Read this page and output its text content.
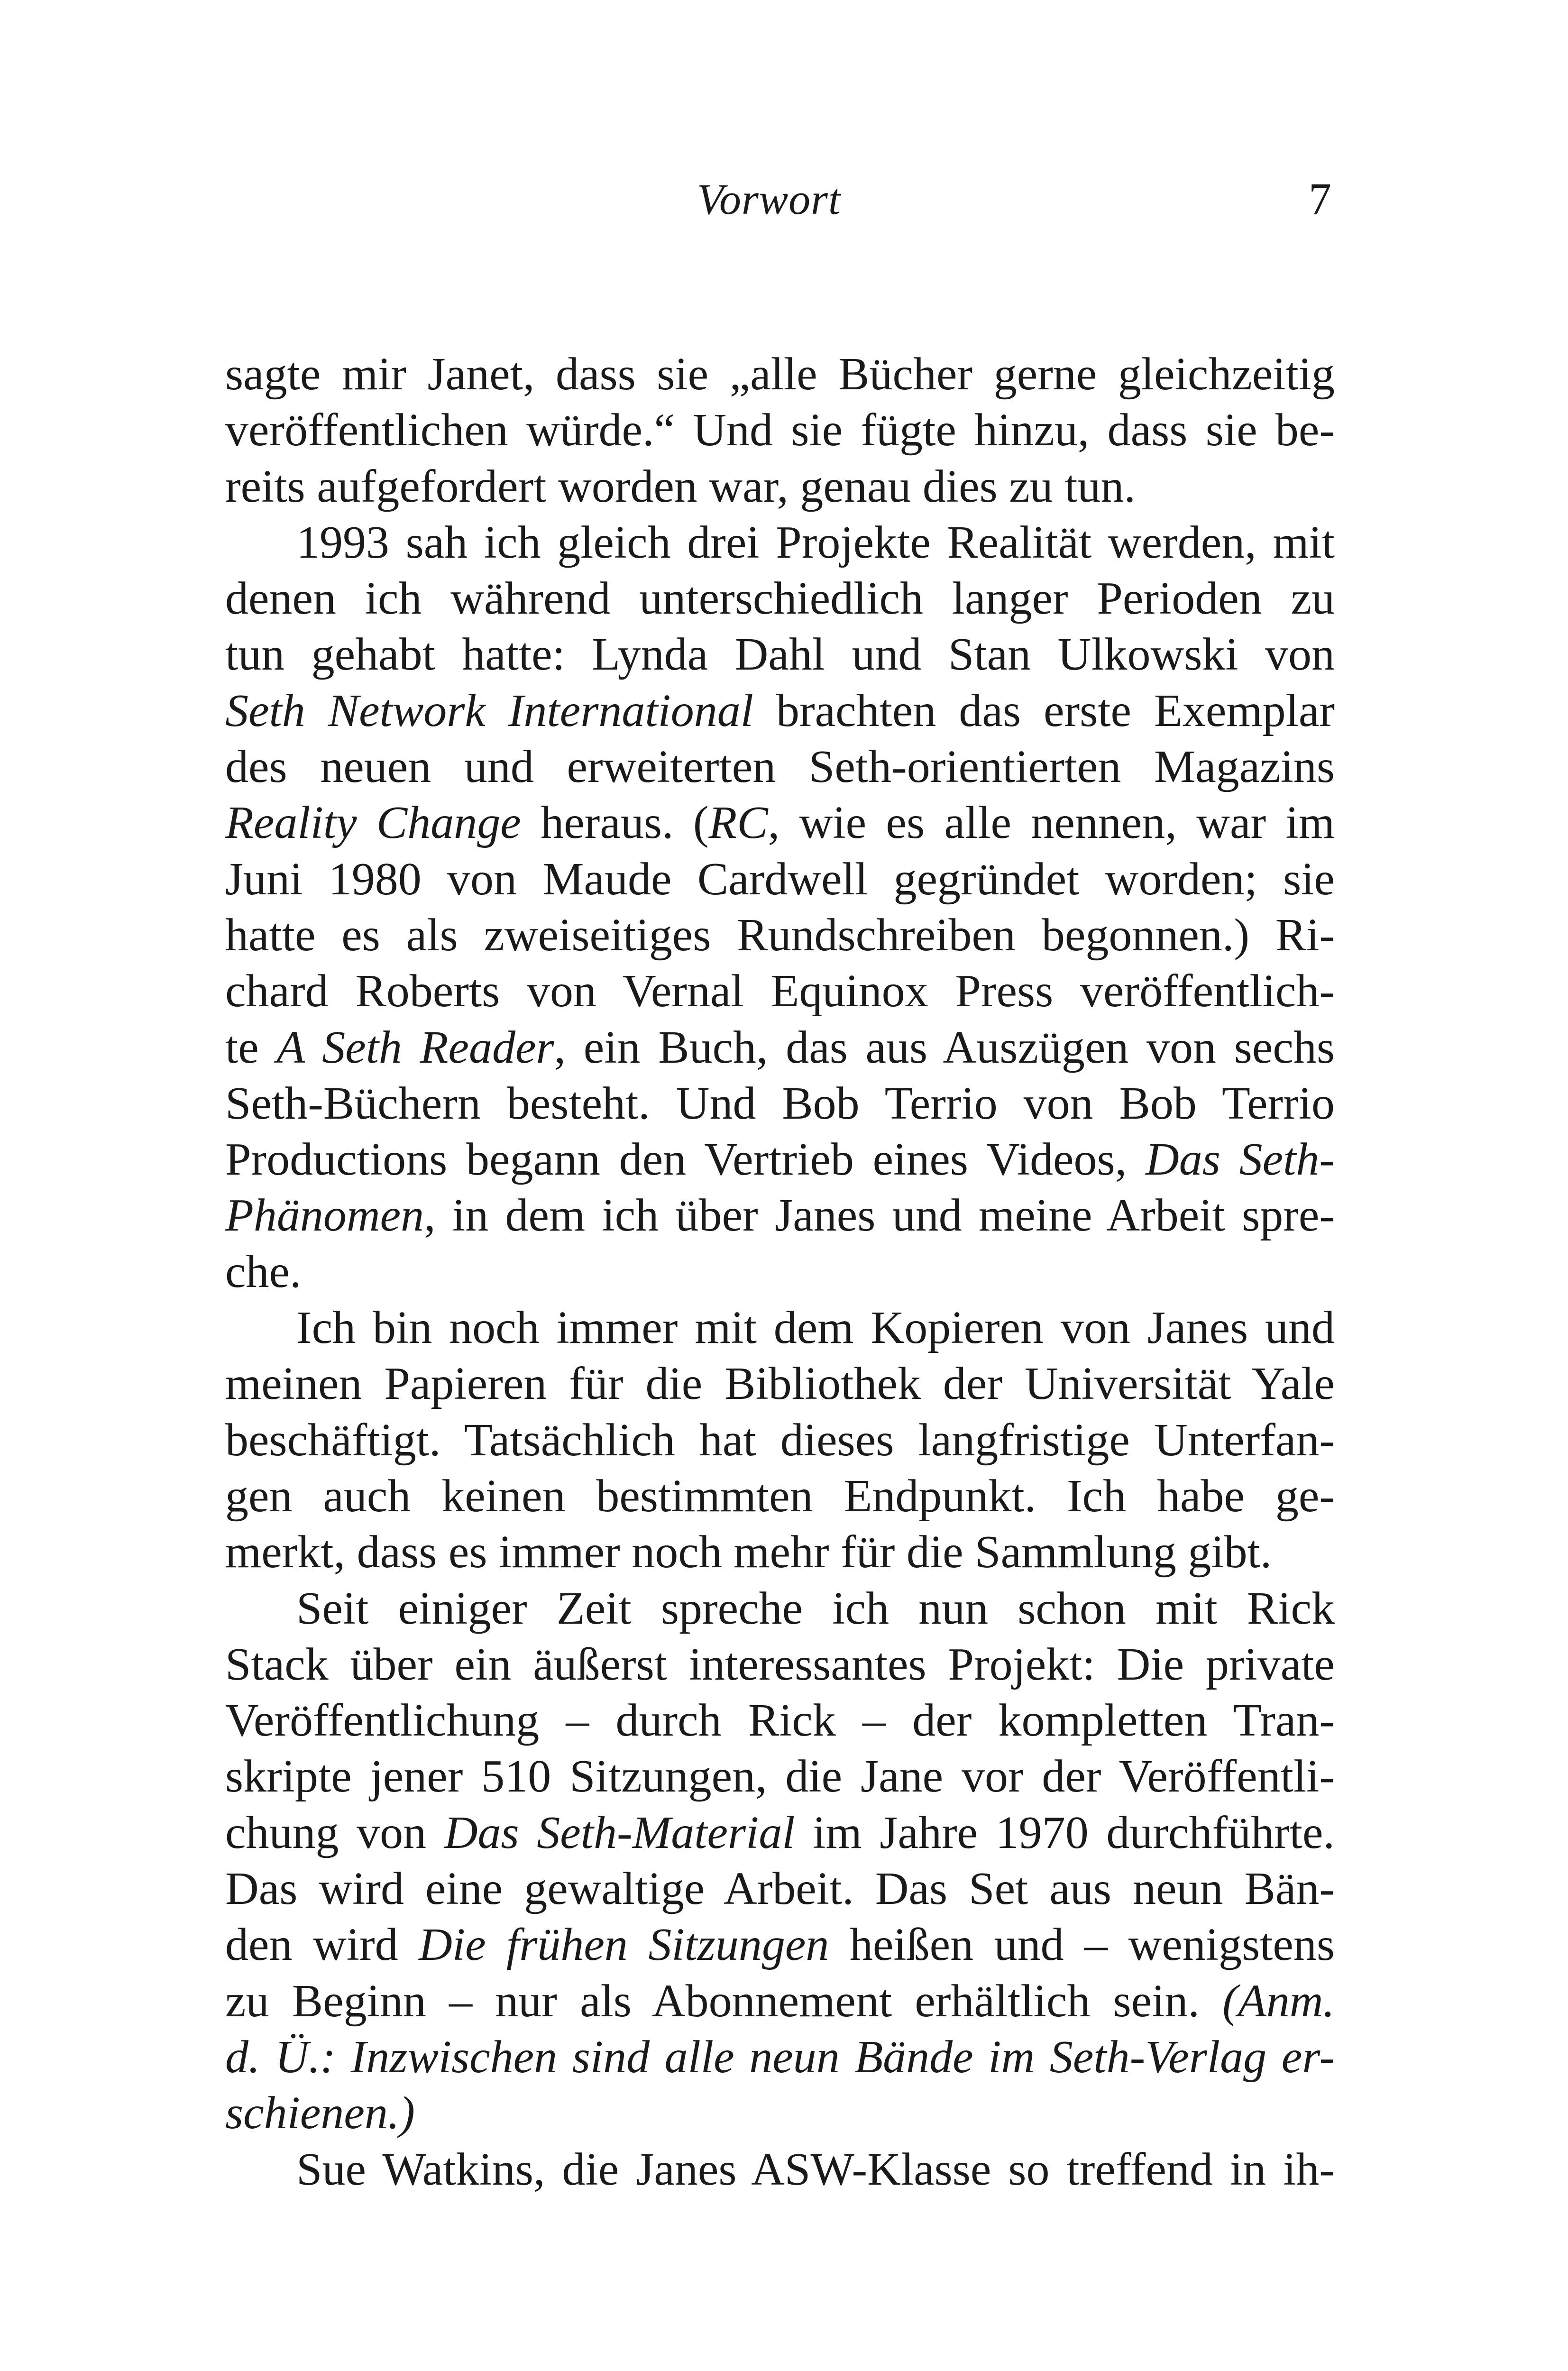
Vorwort	7
sagte mir Janet, dass sie „alle Bücher gerne gleichzeitig
veröffentlichen würde.“ Und sie fügte hinzu, dass sie be-
reits aufgefordert worden war, genau dies zu tun.
1993 sah ich gleich drei Projekte Realität werden, mit
denen ich während unterschiedlich langer Perioden zu
tun gehabt hatte: Lynda Dahl und Stan Ulkowski von
Seth Network International brachten das erste Exemplar
des neuen und erweiterten Seth-orientierten Magazins
Reality Change heraus. (RC, wie es alle nennen, war im
Juni 1980 von Maude Cardwell gegründet worden; sie
hatte es als zweiseitiges Rundschreiben begonnen.) Ri-
chard Roberts von Vernal Equinox Press veröffentlich-
te A Seth Reader, ein Buch, das aus Auszügen von sechs
Seth-Büchern besteht. Und Bob Terrio von Bob Terrio
Productions begann den Vertrieb eines Videos, Das Seth-
Phänomen, in dem ich über Janes und meine Arbeit spre-
che.
Ich bin noch immer mit dem Kopieren von Janes und
meinen Papieren für die Bibliothek der Universität Yale
beschäftigt. Tatsächlich hat dieses langfristige Unterfan-
gen auch keinen bestimmten Endpunkt. Ich habe ge-
merkt, dass es immer noch mehr für die Sammlung gibt.
Seit einiger Zeit spreche ich nun schon mit Rick
Stack über ein äußerst interessantes Projekt: Die private
Veröffentlichung – durch Rick – der kompletten Tran-
skripte jener 510 Sitzungen, die Jane vor der Veröffentli-
chung von Das Seth-Material im Jahre 1970 durchführte.
Das wird eine gewaltige Arbeit. Das Set aus neun Bän-
den wird Die frühen Sitzungen heißen und – wenigstens
zu Beginn – nur als Abonnement erhältlich sein. (Anm.
d. Ü.: Inzwischen sind alle neun Bände im Seth-Verlag er-
schienen.)
Sue Watkins, die Janes ASW-Klasse so treffend in ih-
